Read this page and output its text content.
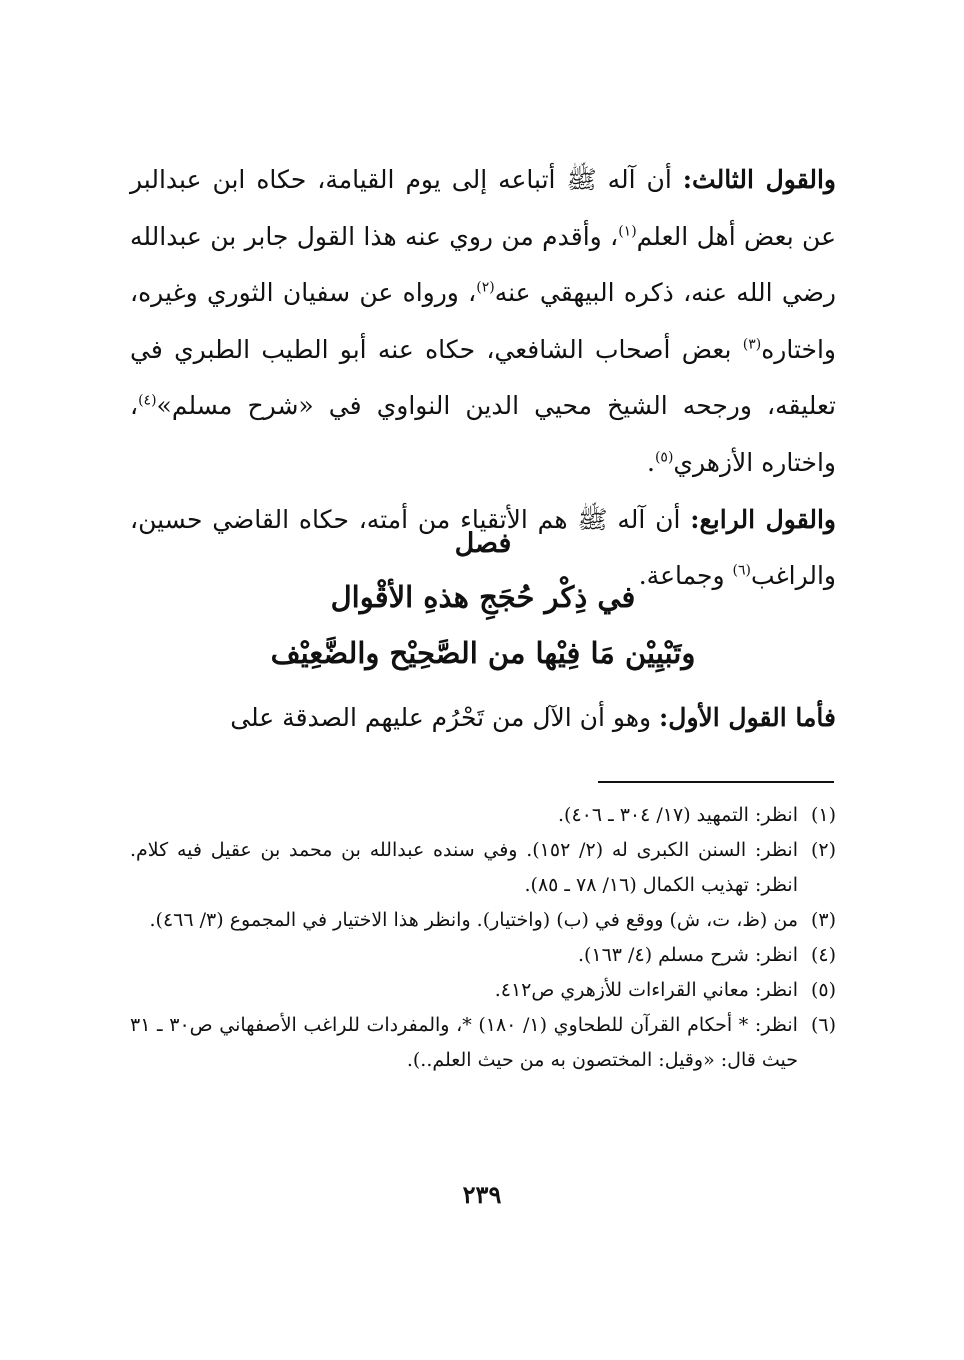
والقول الثالث: أن آله ﷺ أتباعه إلى يوم القيامة، حكاه ابن عبدالبر عن بعض أهل العلم$^{(١)}$، وأقدم من روي عنه هذا القول جابر بن عبدالله رضي الله عنه، ذكره البيهقي عنه$^{(٢)}$، ورواه عن سفيان الثوري وغيره، واختاره$^{(٣)}$ بعض أصحاب الشافعي، حكاه عنه أبو الطيب الطبري في تعليقه، ورجحه الشيخ محيي الدين النواوي في «شرح مسلم»$^{(٤)}$، واختاره الأزهري$^{(٥)}$.

والقول الرابع: أن آله ﷺ هم الأتقياء من أمته، حكاه القاضي حسين، والراغب$^{(٦)}$ وجماعة.

فصل
في ذِكْر حُجَجِ هذهِ الأقْوال
وتَبْيِيْن مَا فِيْها من الصَّحِيْح والضَّعِيْف

فأما القول الأول: وهو أن الآل من تَحْرُم عليهم الصدقة على

(١)
انظر: التمهيد (١٧/ ٣٠٤ ـ ٤٠٦).
(٢)
انظر: السنن الكبرى له (٢/ ١٥٢). وفي سنده عبدالله بن محمد بن عقيل فيه كلام. انظر: تهذيب الكمال (١٦/ ٧٨ ـ ٨٥).
(٣)
من (ظ، ت، ش) ووقع في (ب) (واختيار). وانظر هذا الاختيار في المجموع (٣/ ٤٦٦).
(٤)
انظر: شرح مسلم (٤/ ١٦٣).
(٥)
انظر: معاني القراءات للأزهري ص٤١٢.
(٦)
انظر: * أحكام القرآن للطحاوي (١/ ١٨٠) *، والمفردات للراغب الأصفهاني ص٣٠ ـ ٣١ حيث قال: «وقيل: المختصون به من حيث العلم..).
٢٣٩
